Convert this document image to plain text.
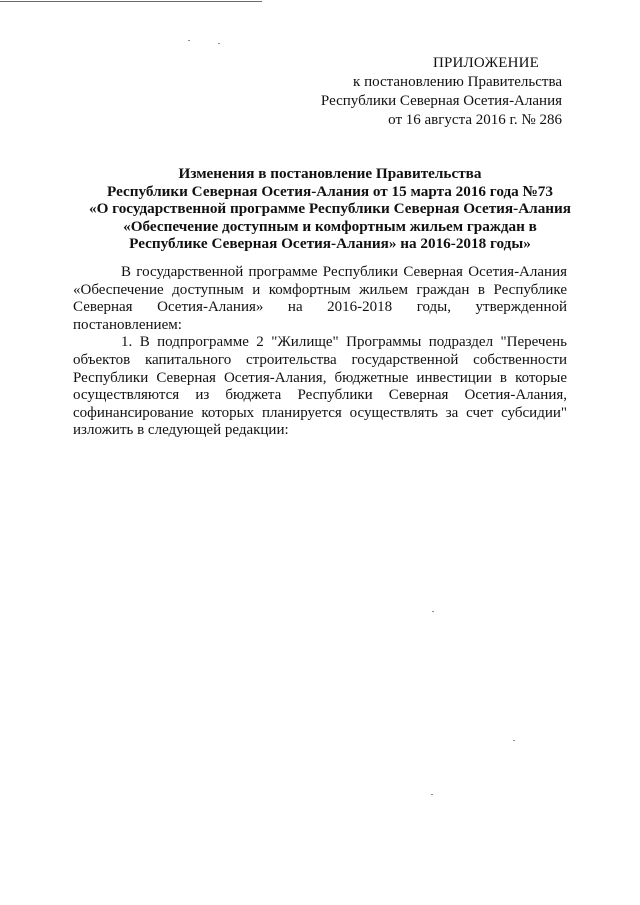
ПРИЛОЖЕНИЕ
к постановлению Правительства
Республики Северная Осетия-Алания
от 16 августа 2016 г. № 286
Изменения в постановление Правительства
Республики Северная Осетия-Алания от 15 марта 2016 года №73
«О государственной программе Республики Северная Осетия-Алания
«Обеспечение доступным и комфортным жильем граждан в
Республике Северная Осетия-Алания» на 2016-2018 годы»

В государственной программе Республики Северная Осетия-Алания «Обеспечение доступным и комфортным жильем граждан в Республике Северная Осетия-Алания» на 2016-2018 годы, утвержденной постановлением:

1. В подпрограмме 2 "Жилище" Программы подраздел "Перечень объектов капитального строительства государственной собственности Республики Северная Осетия-Алания, бюджетные инвестиции в которые осуществляются из бюджета Республики Северная Осетия-Алания, софинансирование которых планируется осуществлять за счет субсидии" изложить в следующей редакции:
